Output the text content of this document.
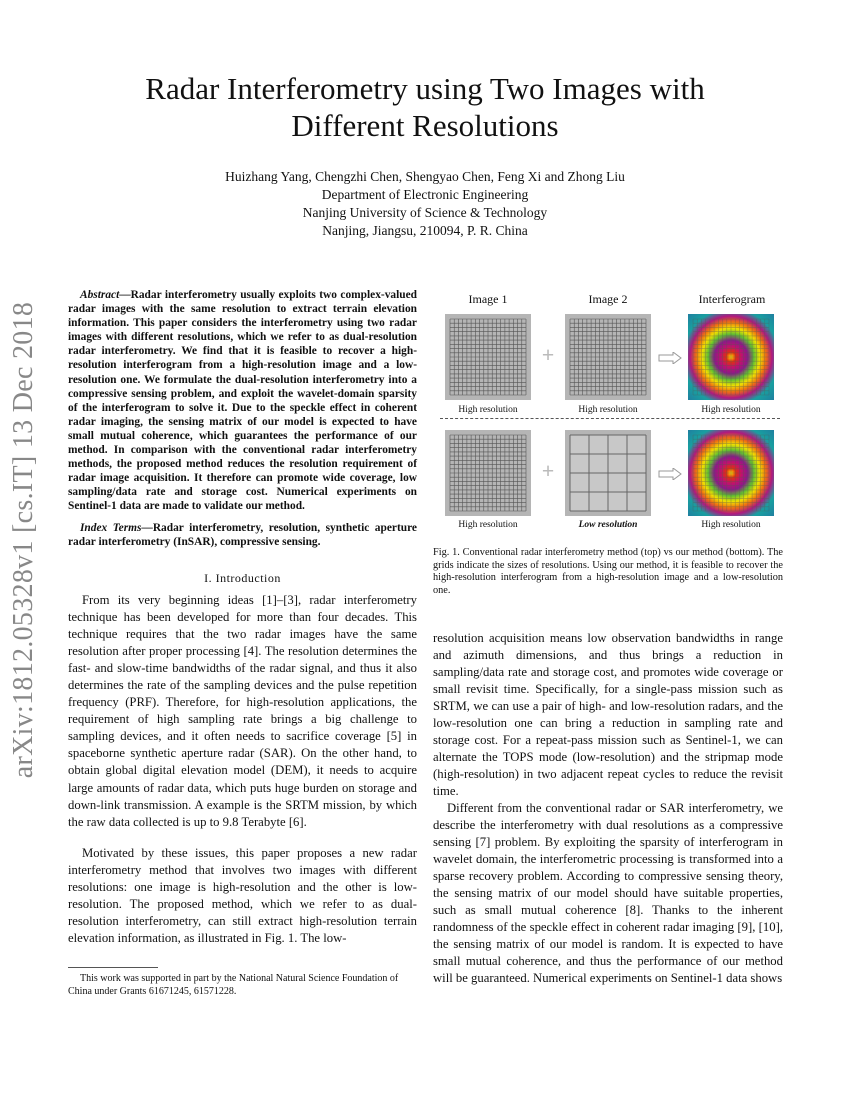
arXiv:1812.05328v1 [cs.IT] 13 Dec 2018
Radar Interferometry using Two Images with
Different Resolutions
Huizhang Yang, Chengzhi Chen, Shengyao Chen, Feng Xi and Zhong Liu
Department of Electronic Engineering
Nanjing University of Science & Technology
Nanjing, Jiangsu, 210094, P. R. China
Abstract—Radar interferometry usually exploits two complex-valued radar images with the same resolution to extract terrain elevation information. This paper considers the interferometry using two radar images with different resolutions, which we refer to as dual-resolution radar interferometry. We find that it is feasible to recover a high-resolution interferogram from a high-resolution image and a low-resolution one. We formulate the dual-resolution interferometry into a compressive sensing problem, and exploit the wavelet-domain sparsity of the interferogram to solve it. Due to the speckle effect in coherent radar imaging, the sensing matrix of our model is expected to have small mutual coherence, which guarantees the performance of our method. In comparison with the conventional radar interferometry methods, the proposed method reduces the resolution requirement of radar image acquisition. It therefore can promote wide coverage, low sampling/data rate and storage cost. Numerical experiments on Sentinel-1 data are made to validate our method.
Index Terms—Radar interferometry, resolution, synthetic aperture radar interferometry (InSAR), compressive sensing.
I. Introduction

From its very beginning ideas [1]–[3], radar interferometry technique has been developed for more than four decades. This technique requires that the two radar images have the same resolution after proper processing [4]. The resolution determines the fast- and slow-time bandwidths of the radar signal, and thus it also determines the rate of the sampling devices and the pulse repetition frequency (PRF). Therefore, for high-resolution applications, the requirement of high sampling rate brings a big challenge to sampling devices, and it often needs to sacrifice coverage [5] in spaceborne synthetic aperture radar (SAR). On the other hand, to obtain global digital elevation model (DEM), it needs to acquire large amounts of radar data, which puts huge burden on storage and down-link transmission. A example is the SRTM mission, by which the raw data collected is up to 9.8 Terabyte [6].

Motivated by these issues, this paper proposes a new radar interferometry method that involves two images with different resolutions: one image is high-resolution and the other is low-resolution. The proposed method, which we refer to as dual-resolution interferometry, can still extract high-resolution terrain elevation information, as illustrated in Fig. 1. The low-

This work was supported in part by the National Natural Science Foundation of China under Grants 61671245, 61571228.
Image 1	Image 2	Interferogram
+
High resolution	High resolution	High resolution
+
High resolution	Low resolution	High resolution
Fig. 1. Conventional radar interferometry method (top) vs our method (bottom). The grids indicate the sizes of resolutions. Using our method, it is feasible to recover the high-resolution interferogram from a high-resolution image and a low-resolution one.

resolution acquisition means low observation bandwidths in range and azimuth dimensions, and thus brings a reduction in sampling/data rate and storage cost, and promotes wide coverage or small revisit time. Specifically, for a single-pass mission such as SRTM, we can use a pair of high- and low-resolution radars, and the low-resolution one can bring a reduction in sampling rate and storage cost. For a repeat-pass mission such as Sentinel-1, we can alternate the TOPS mode (low-resolution) and the stripmap mode (high-resolution) in two adjacent repeat cycles to reduce the revisit time.

Different from the conventional radar or SAR interferometry, we describe the interferometry with dual resolutions as a compressive sensing [7] problem. By exploiting the sparsity of interferogram in wavelet domain, the interferometric processing is transformed into a sparse recovery problem. According to compressive sensing theory, the sensing matrix of our model should have suitable properties, such as small mutual coherence [8]. Thanks to the inherent randomness of the speckle effect in coherent radar imaging [9], [10], the sensing matrix of our model is random. It is expected to have small mutual coherence, and thus the performance of our method will be guaranteed. Numerical experiments on Sentinel-1 data shows
